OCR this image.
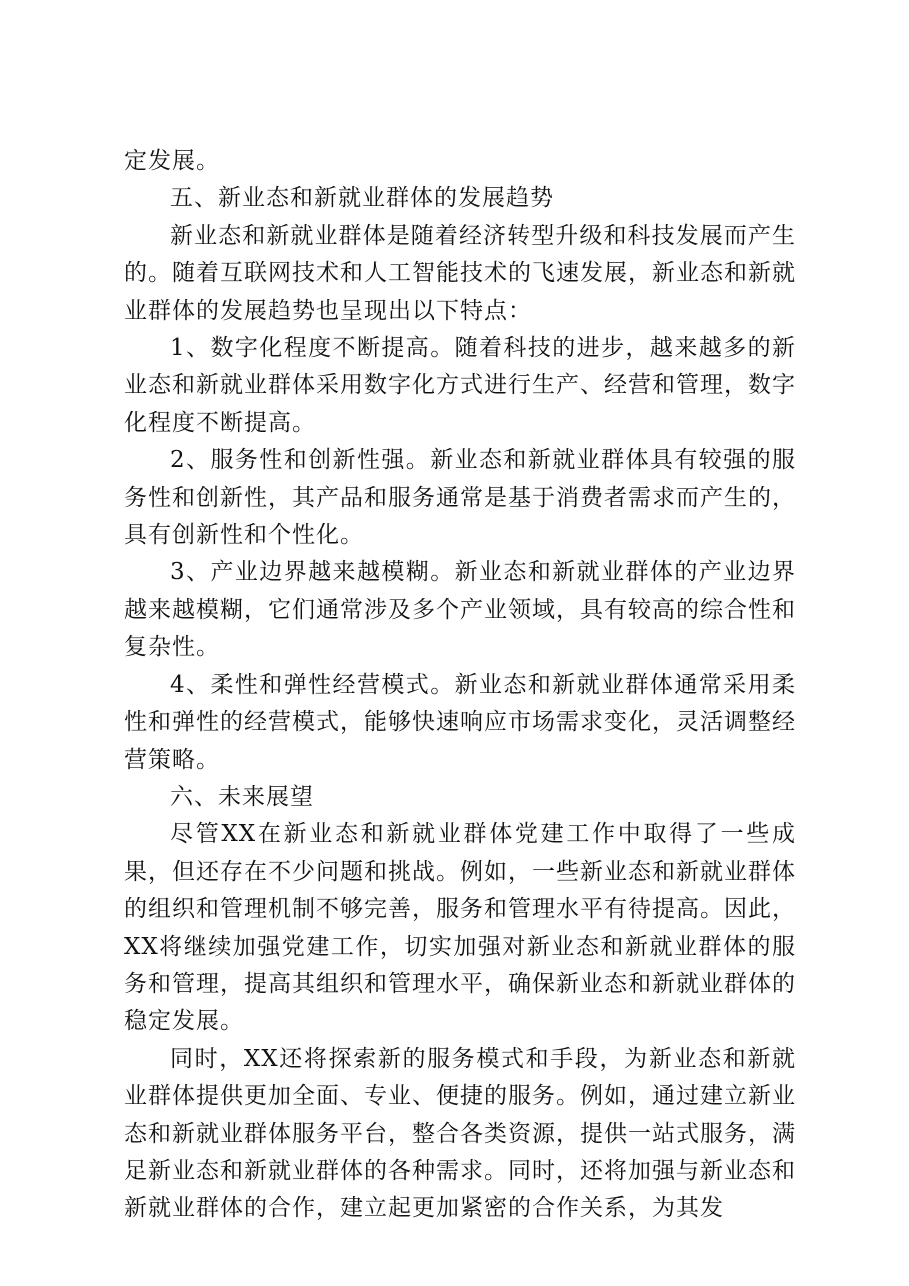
定发展。

五、新业态和新就业群体的发展趋势

新业态和新就业群体是随着经济转型升级和科技发展而产生的。随着互联网技术和人工智能技术的飞速发展，新业态和新就业群体的发展趋势也呈现出以下特点：

1、数字化程度不断提高。随着科技的进步，越来越多的新业态和新就业群体采用数字化方式进行生产、经营和管理，数字化程度不断提高。

2、服务性和创新性强。新业态和新就业群体具有较强的服务性和创新性，其产品和服务通常是基于消费者需求而产生的，具有创新性和个性化。

3、产业边界越来越模糊。新业态和新就业群体的产业边界越来越模糊，它们通常涉及多个产业领域，具有较高的综合性和复杂性。

4、柔性和弹性经营模式。新业态和新就业群体通常采用柔性和弹性的经营模式，能够快速响应市场需求变化，灵活调整经营策略。

六、未来展望

尽管XX在新业态和新就业群体党建工作中取得了一些成果，但还存在不少问题和挑战。例如，一些新业态和新就业群体的组织和管理机制不够完善，服务和管理水平有待提高。因此，XX将继续加强党建工作，切实加强对新业态和新就业群体的服务和管理，提高其组织和管理水平，确保新业态和新就业群体的稳定发展。

同时，XX还将探索新的服务模式和手段，为新业态和新就业群体提供更加全面、专业、便捷的服务。例如，通过建立新业态和新就业群体服务平台，整合各类资源，提供一站式服务，满足新业态和新就业群体的各种需求。同时，还将加强与新业态和新就业群体的合作，建立起更加紧密的合作关系，为其发
